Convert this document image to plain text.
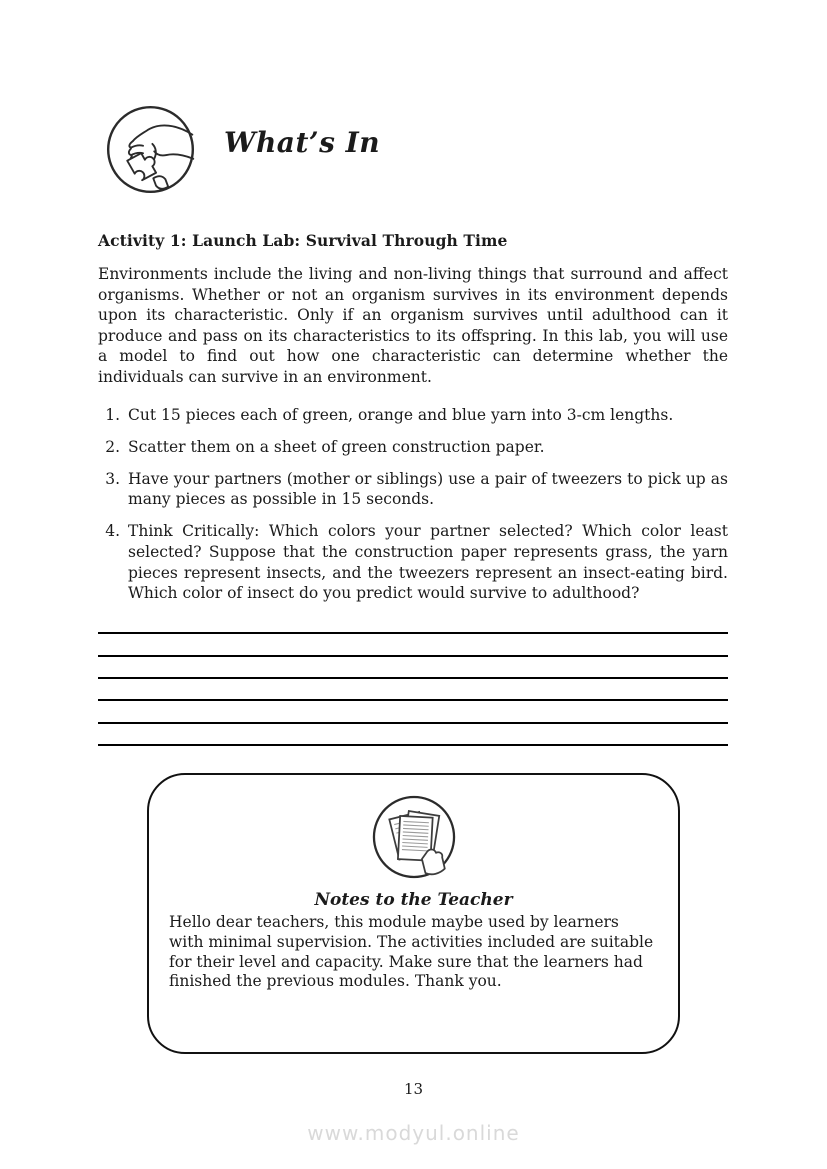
What’s In
Activity 1: Launch Lab: Survival Through Time

Environments include the living and non-living things that surround and affect organisms. Whether or not an organism survives in its environment depends upon its characteristic. Only if an organism survives until adulthood can it produce and pass on its characteristics to its offspring. In this lab, you will use a model to find out how one characteristic can determine whether the individuals can survive in an environment.

1. Cut 15 pieces each of green, orange and blue yarn into 3-cm lengths.
2. Scatter them on a sheet of green construction paper.
3. Have your partners (mother or siblings) use a pair of tweezers to pick up as many pieces as possible in 15 seconds.
4. Think Critically: Which colors your partner selected? Which color least selected? Suppose that the construction paper represents grass, the yarn pieces represent insects, and the tweezers represent an insect-eating bird. Which color of insect do you predict would survive to adulthood?
Notes to the Teacher

Hello dear teachers, this module maybe used by learners with minimal supervision. The activities included are suitable for their level and capacity. Make sure that the learners had finished the previous modules. Thank you.

13
www.modyul.online
